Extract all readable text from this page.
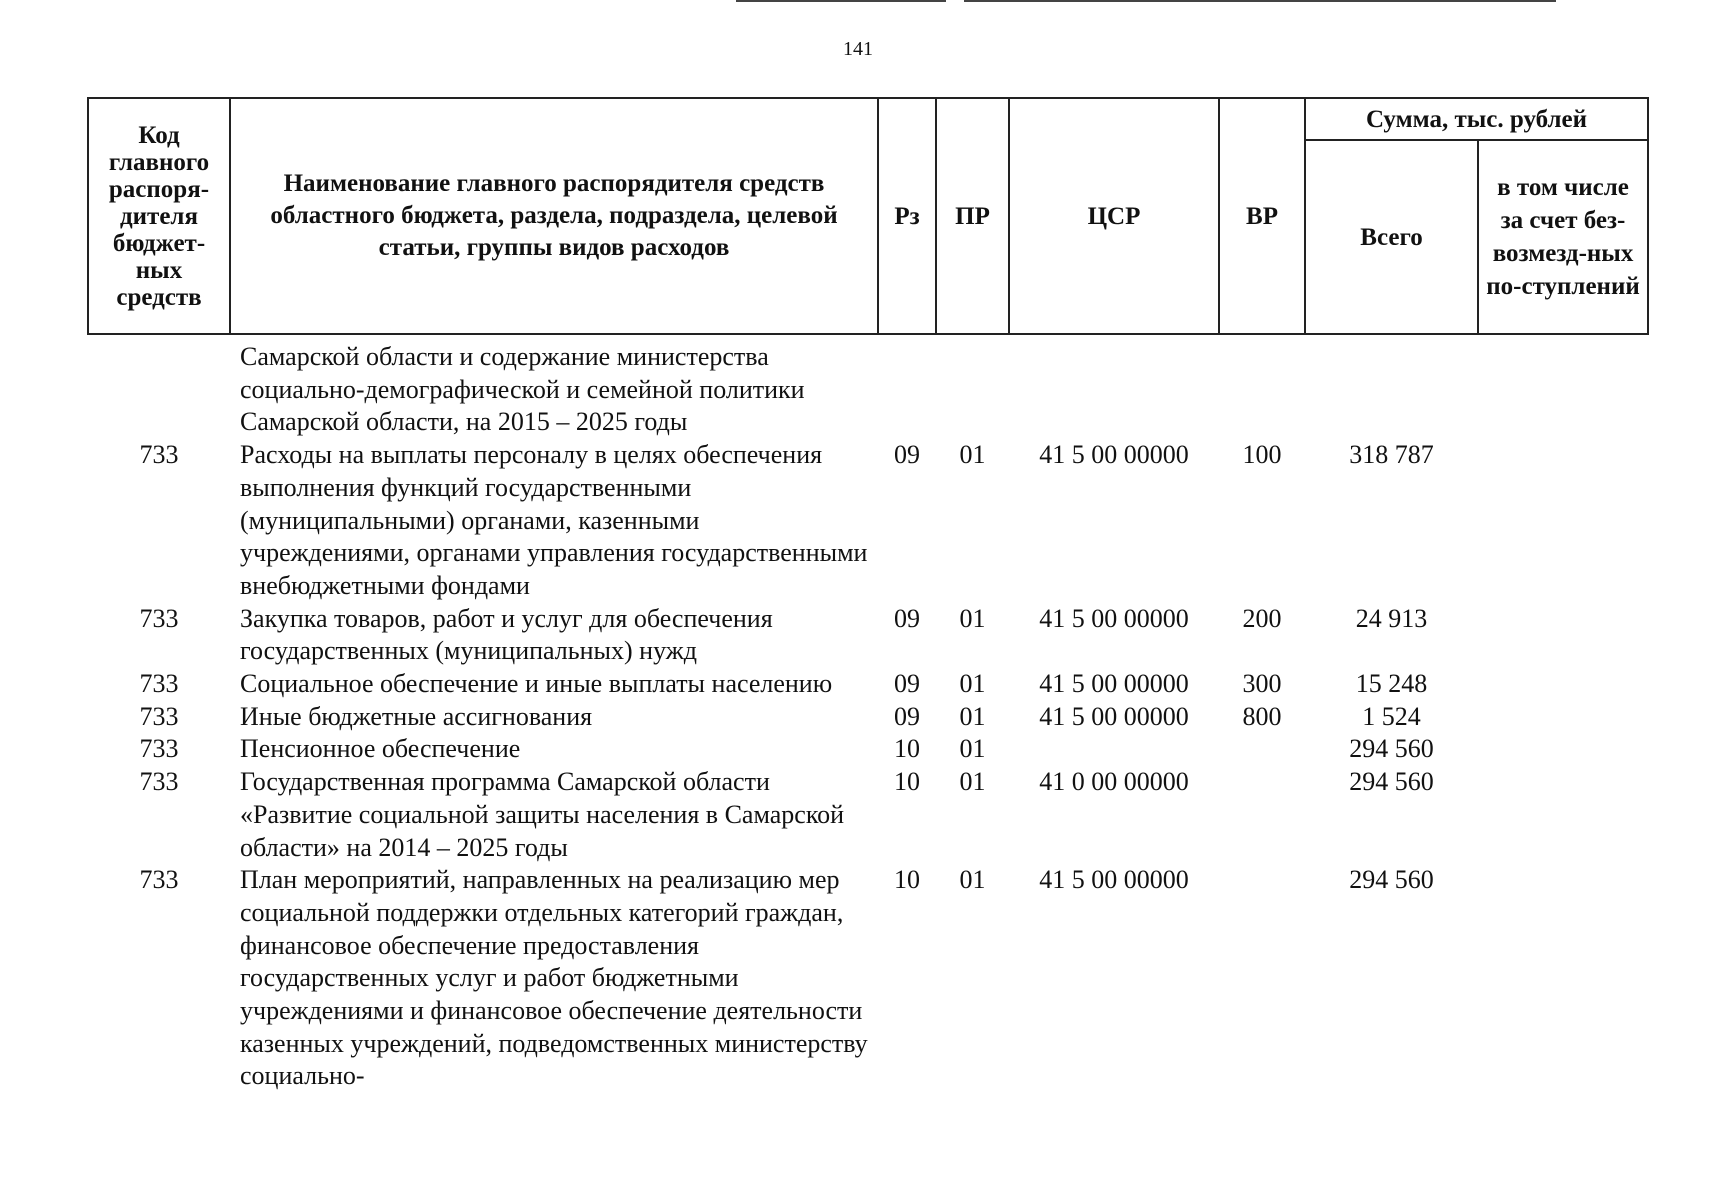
141
Код главного распоря-дителя бюджет-ных средств	Наименование главного распорядителя средств областного бюджета, раздела, подраздела, целевой статьи, группы видов расходов	Рз	ПР	ЦСР	ВР	Сумма, тыс. рублей	
						Всего	в том числе за счет без-возмезд-ных по-ступлений
	Самарской области и содержание министерства социально-демографической и семейной политики Самарской области, на 2015 – 2025 годы						
733	Расходы на выплаты персоналу в целях обеспечения выполнения функций государственными (муниципальными) органами, казенными учреждениями, органами управления государственными внебюджетными фондами	09	01	41 5 00 00000	100	318 787	
733	Закупка товаров, работ и услуг для обеспечения государственных (муниципальных) нужд	09	01	41 5 00 00000	200	24 913	
733	Социальное обеспечение и иные выплаты населению	09	01	41 5 00 00000	300	15 248	
733	Иные бюджетные ассигнования	09	01	41 5 00 00000	800	1 524	
733	Пенсионное обеспечение	10	01			294 560	
733	Государственная программа Самарской области «Развитие социальной защиты населения в Самарской области» на 2014 – 2025 годы	10	01	41 0 00 00000		294 560	
733	План мероприятий, направленных на реализацию мер социальной поддержки отдельных категорий граждан, финансовое обеспечение предоставления государственных услуг и работ бюджетными учреждениями и финансовое обеспечение деятельности казенных учреждений, подведомственных министерству социально-	10	01	41 5 00 00000		294 560	
